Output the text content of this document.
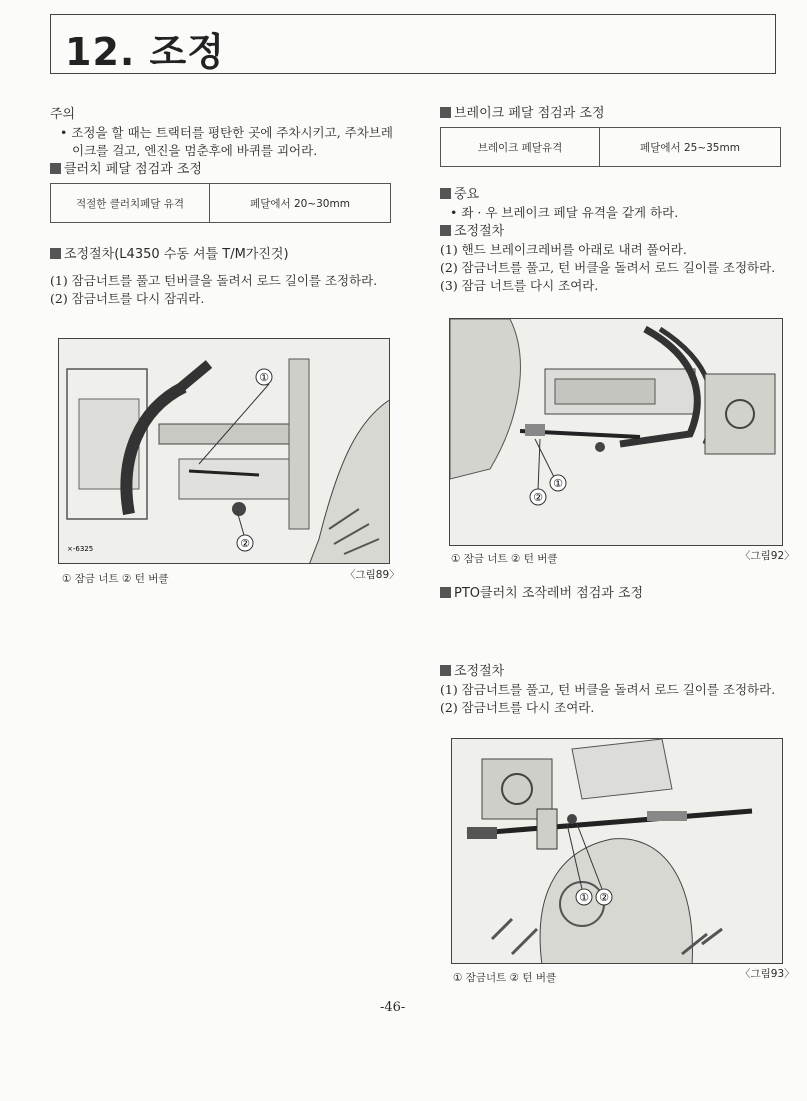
12. 조정

주의

• 조정을 할 때는 트랙터를 평탄한 곳에 주차시키고, 주차브레이크를 걸고, 엔진을 멈춘후에 바퀴를 괴어라.

클러치 페달 점검과 조정

적절한 클러치페달 유격	페달에서 20~30mm

조정절차(L4350 수동 셔틀 T/M가진것)

(1) 잠금너트를 풀고 턴버클을 돌려서 로드 길이를 조정하라.

(2) 잠금너트를 다시 잠궈라.

①
②
×-6325
① 잠금 너트 ② 턴 버클	〈그림89〉

브레이크 페달 점검과 조정

브레이크 페달유격	페달에서 25~35mm

중요

• 좌 · 우 브레이크 페달 유격을 같게 하라.

조정절차

(1) 핸드 브레이크레버를 아래로 내려 풀어라.

(2) 잠금너트를 풀고, 턴 버클을 돌려서 로드 길이를 조정하라.

(3) 잠금 너트를 다시 조여라.

①
②
① 잠금 너트 ② 턴 버클	〈그림92〉

PTO클러치 조작레버 점검과 조정

조정절차

(1) 잠금너트를 풀고, 턴 버클을 돌려서 로드 길이를 조정하라.

(2) 잠금너트를 다시 조여라.

① ②
① 잠금너트 ② 턴 버클	〈그림93〉
-46-
